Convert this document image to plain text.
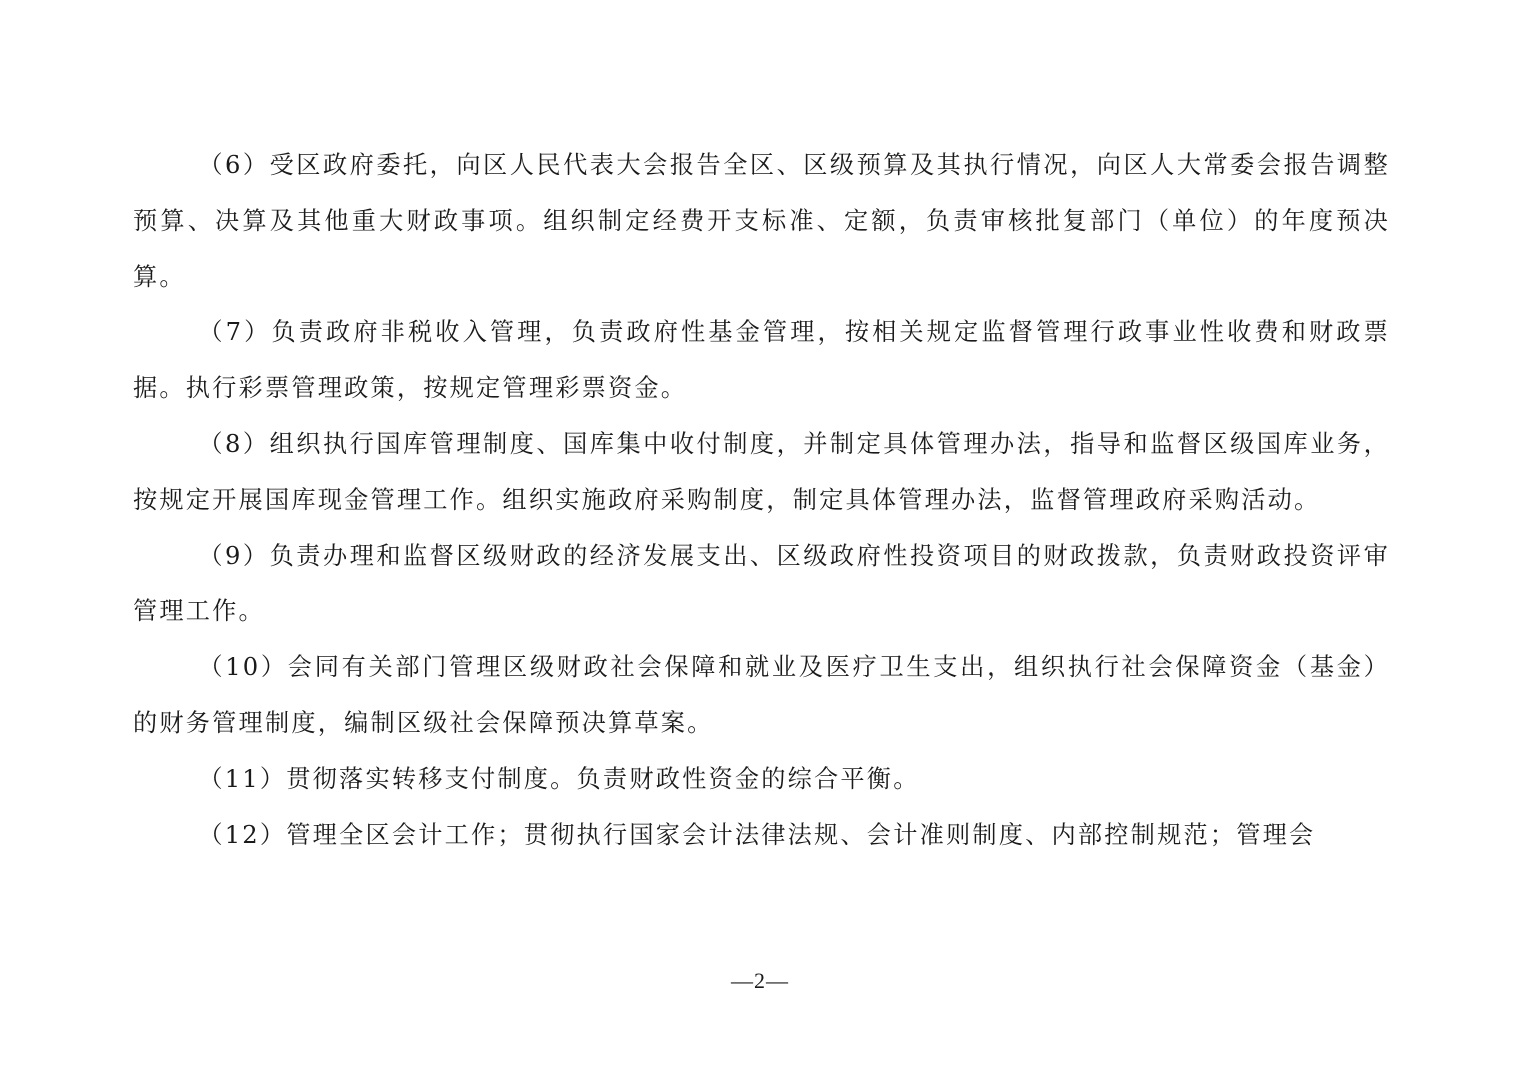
（6）受区政府委托，向区人民代表大会报告全区、区级预算及其执行情况，向区人大常委会报告调整预算、决算及其他重大财政事项。组织制定经费开支标准、定额，负责审核批复部门（单位）的年度预决算。

（7）负责政府非税收入管理，负责政府性基金管理，按相关规定监督管理行政事业性收费和财政票据。执行彩票管理政策，按规定管理彩票资金。

（8）组织执行国库管理制度、国库集中收付制度，并制定具体管理办法，指导和监督区级国库业务，按规定开展国库现金管理工作。组织实施政府采购制度，制定具体管理办法，监督管理政府采购活动。

（9）负责办理和监督区级财政的经济发展支出、区级政府性投资项目的财政拨款，负责财政投资评审管理工作。

（10）会同有关部门管理区级财政社会保障和就业及医疗卫生支出，组织执行社会保障资金（基金）的财务管理制度，编制区级社会保障预决算草案。

（11）贯彻落实转移支付制度。负责财政性资金的综合平衡。

（12）管理全区会计工作；贯彻执行国家会计法律法规、会计准则制度、内部控制规范；管理会

—2—
